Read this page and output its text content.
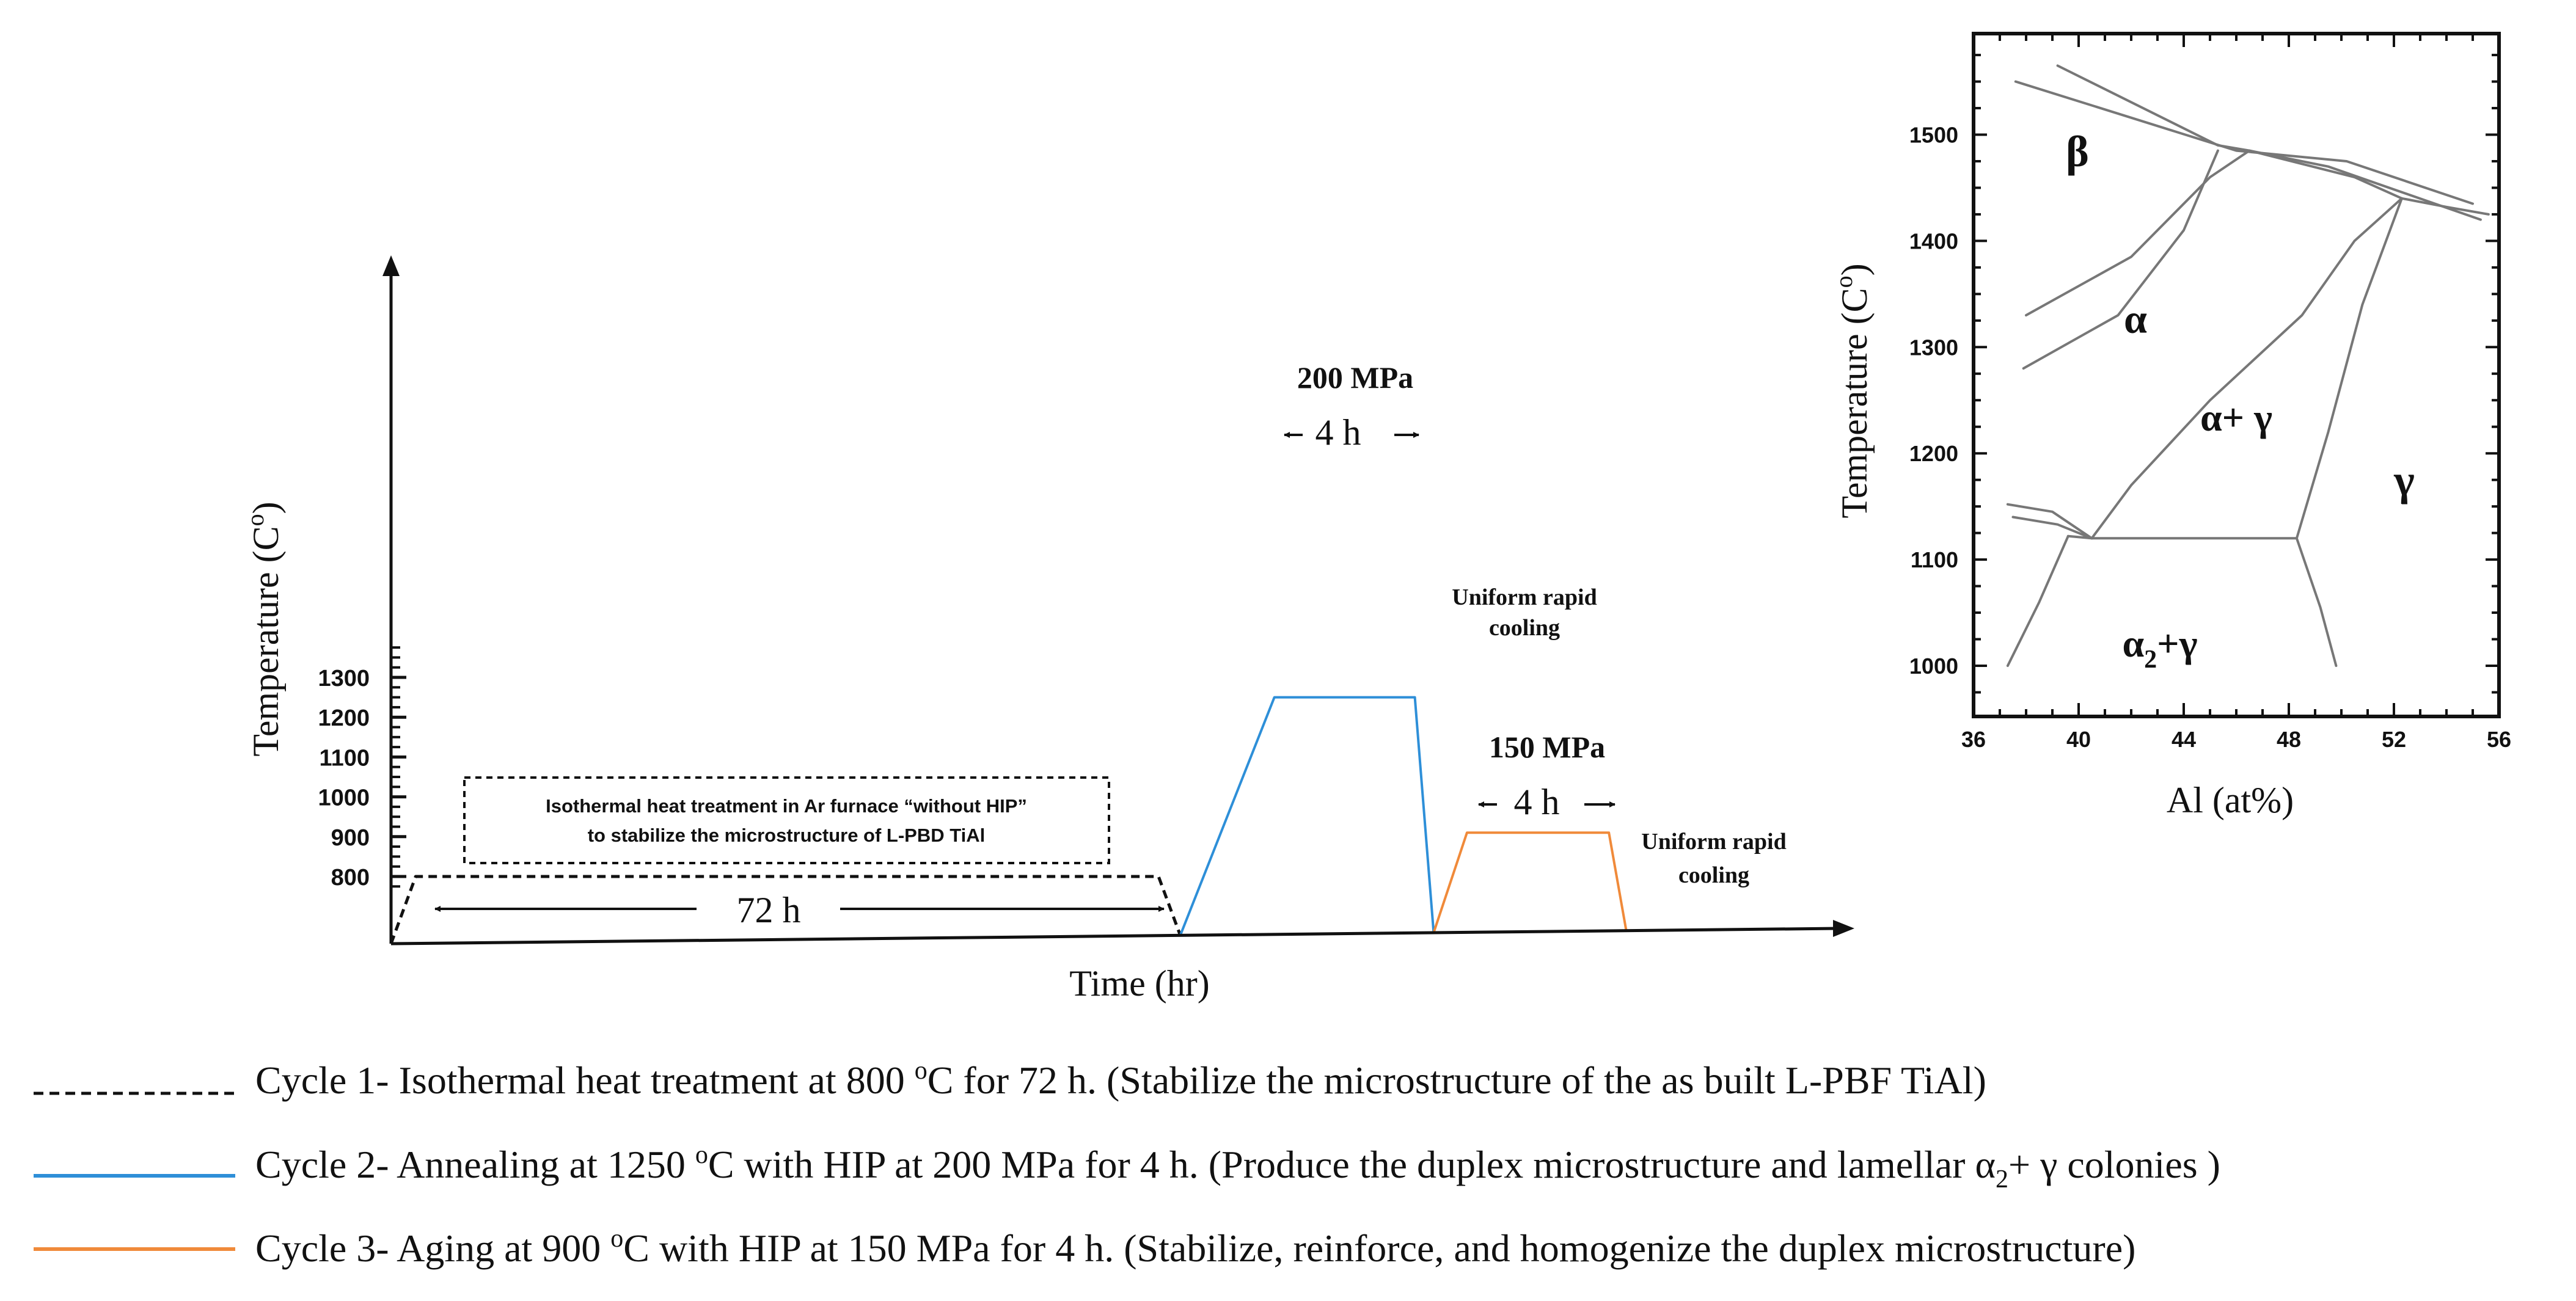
800
900
1000
1100
1200
1300
Time (hr)
Temperature $(C^o)$
Isothermal heat treatment in Ar furnace “without HIP”
to stabilize the microstructure of L-PBD TiAl
72 h
200 MPa
4 h
Uniform rapid
cooling
150 MPa
4 h
Uniform rapid
cooling
1000
1100
1200
1300
1400
1500
36	40	44	48	52	56
Al (at%)
Temperature $(C^o)$
β
α
α+ γ
γ
$\alpha_2+\gamma$
Cycle 1- Isothermal heat treatment at 800 $^o$C for 72 h. (Stabilize the microstructure of the as built L-PBF TiAl)
Cycle 2- Annealing at 1250 $^o$C with HIP at 200 MPa for 4 h. (Produce the duplex microstructure and lamellar $\alpha_2+ \gamma$ colonies )
Cycle 3- Aging at 900 $^o$C with HIP at 150 MPa for 4 h. (Stabilize, reinforce, and homogenize the duplex microstructure)
